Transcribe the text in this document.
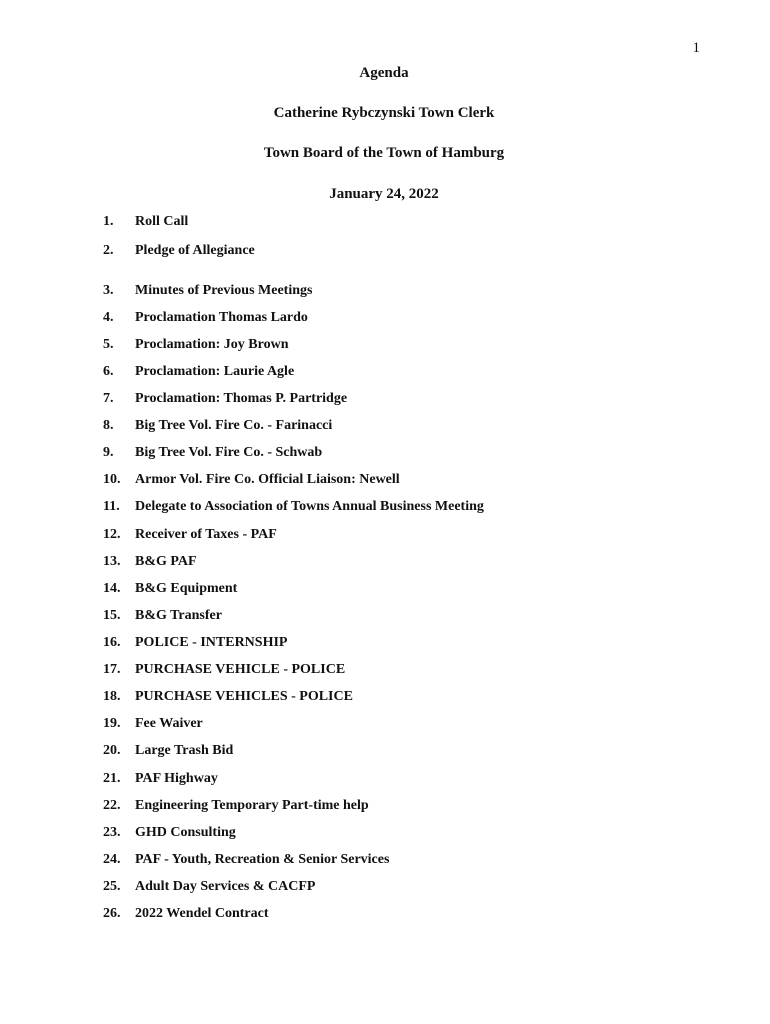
1
Agenda
Catherine Rybczynski Town Clerk
Town Board of the Town of Hamburg
January 24, 2022
1.	Roll Call
2.	Pledge of Allegiance
3.	Minutes of Previous Meetings
4.	Proclamation Thomas Lardo
5.	Proclamation: Joy Brown
6.	Proclamation: Laurie Agle
7.	Proclamation: Thomas P. Partridge
8.	Big Tree Vol. Fire Co. - Farinacci
9.	Big Tree Vol. Fire Co. - Schwab
10.	Armor Vol. Fire Co. Official Liaison: Newell
11.	Delegate to Association of Towns Annual Business Meeting
12.	Receiver of Taxes - PAF
13.	B&G PAF
14.	B&G Equipment
15.	B&G Transfer
16.	POLICE - INTERNSHIP
17.	PURCHASE VEHICLE - POLICE
18.	PURCHASE VEHICLES - POLICE
19.	Fee Waiver
20.	Large Trash Bid
21.	PAF Highway
22.	Engineering Temporary Part-time help
23.	GHD Consulting
24.	PAF - Youth, Recreation & Senior Services
25.	Adult Day Services & CACFP
26.	2022 Wendel Contract
